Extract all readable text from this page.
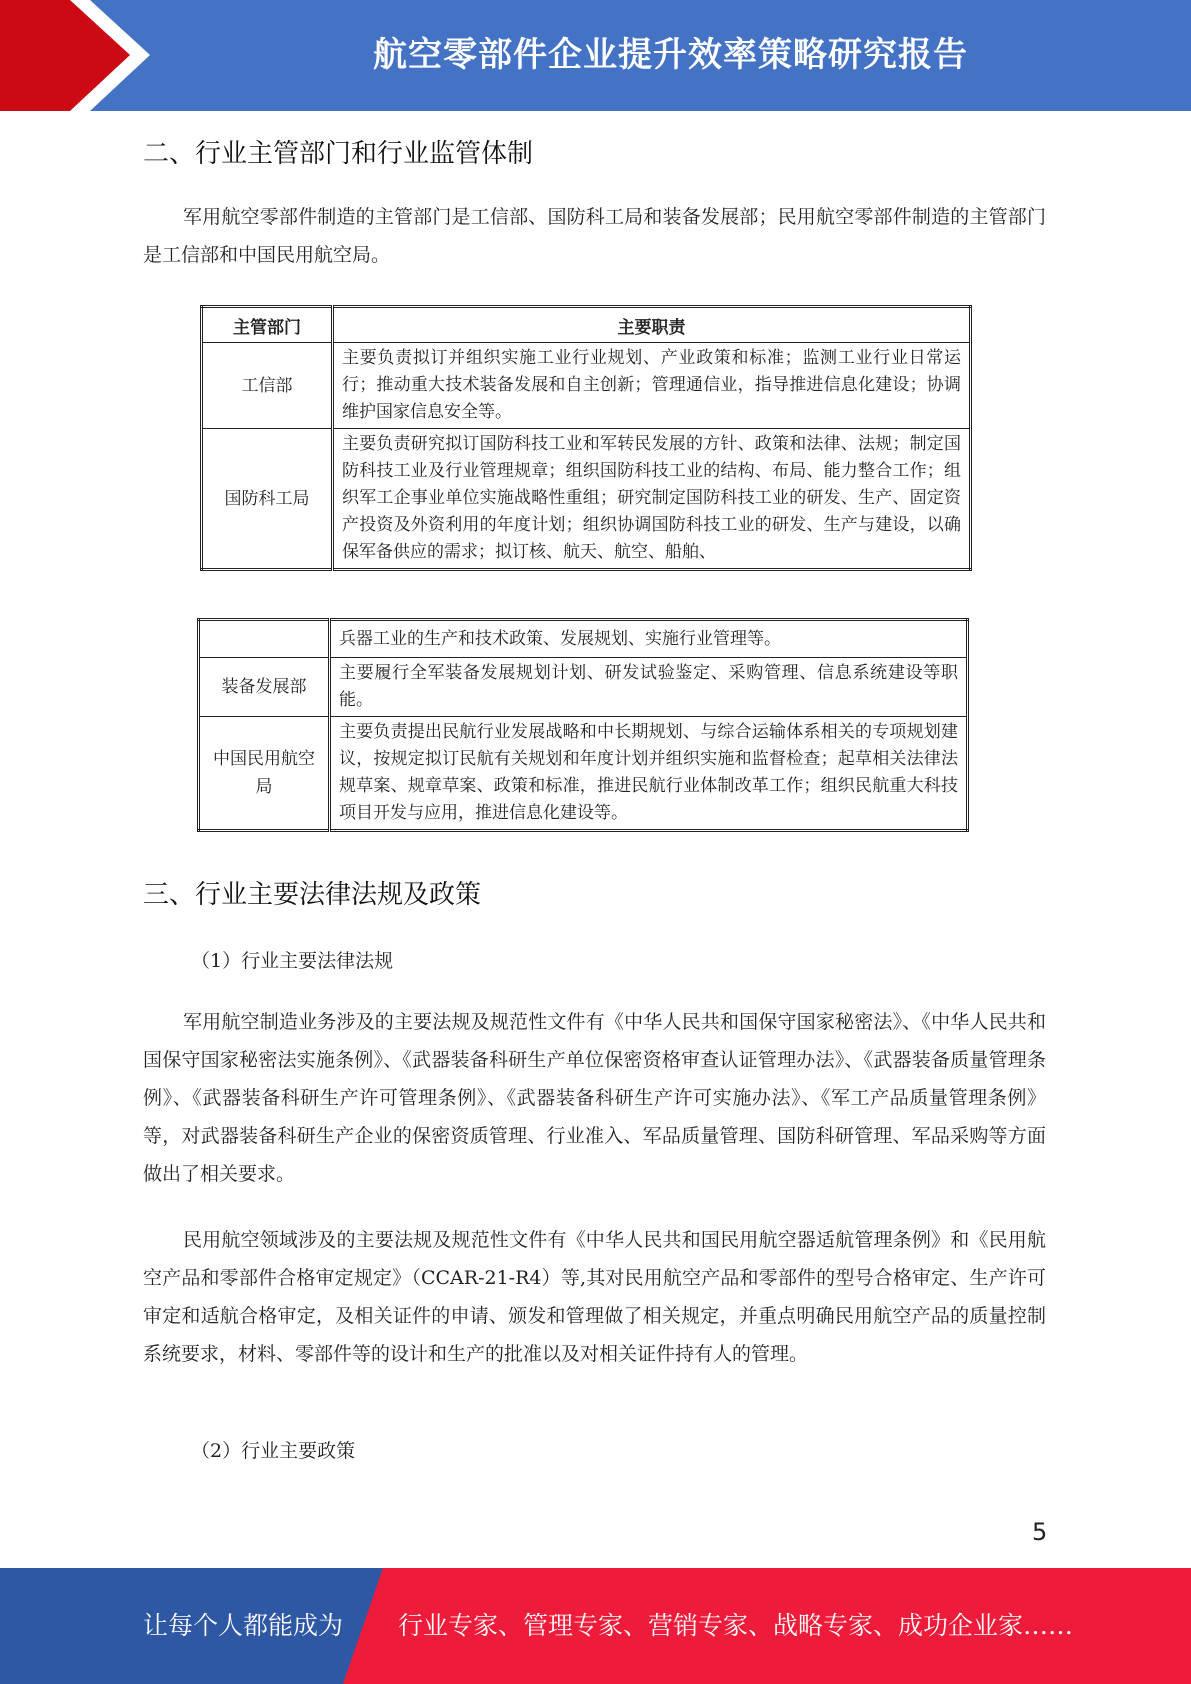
航空零部件企业提升效率策略研究报告
二、行业主管部门和行业监管体制
军用航空零部件制造的主管部门是工信部、国防科工局和装备发展部；民用航空零部件制造的主管部门是工信部和中国民用航空局。
主管部门	主要职责
工信部	主要负责拟订并组织实施工业行业规划、产业政策和标准；监测工业行业日常运行；推动重大技术装备发展和自主创新；管理通信业，指导推进信息化建设；协调维护国家信息安全等。
国防科工局	主要负责研究拟订国防科技工业和军转民发展的方针、政策和法律、法规；制定国防科技工业及行业管理规章；组织国防科技工业的结构、布局、能力整合工作；组织军工企事业单位实施战略性重组；研究制定国防科技工业的研发、生产、固定资产投资及外资利用的年度计划；组织协调国防科技工业的研发、生产与建设，以确保军备供应的需求；拟订核、航天、航空、船舶、
	兵器工业的生产和技术政策、发展规划、实施行业管理等。
装备发展部	主要履行全军装备发展规划计划、研发试验鉴定、采购管理、信息系统建设等职能。
中国民用航空局	主要负责提出民航行业发展战略和中长期规划、与综合运输体系相关的专项规划建议，按规定拟订民航有关规划和年度计划并组织实施和监督检查；起草相关法律法规草案、规章草案、政策和标准，推进民航行业体制改革工作；组织民航重大科技项目开发与应用，推进信息化建设等。
三、行业主要法律法规及政策
（1）行业主要法律法规
军用航空制造业务涉及的主要法规及规范性文件有《中华人民共和国保守国家秘密法》、《中华人民共和国保守国家秘密法实施条例》、《武器装备科研生产单位保密资格审查认证管理办法》、《武器装备质量管理条例》、《武器装备科研生产许可管理条例》、《武器装备科研生产许可实施办法》、《军工产品质量管理条例》等，对武器装备科研生产企业的保密资质管理、行业准入、军品质量管理、国防科研管理、军品采购等方面做出了相关要求。
民用航空领域涉及的主要法规及规范性文件有《中华人民共和国民用航空器适航管理条例》和《民用航空产品和零部件合格审定规定》（CCAR-21-R4）等,其对民用航空产品和零部件的型号合格审定、生产许可审定和适航合格审定，及相关证件的申请、颁发和管理做了相关规定，并重点明确民用航空产品的质量控制系统要求，材料、零部件等的设计和生产的批准以及对相关证件持有人的管理。
（2）行业主要政策
5
让每个人都能成为 行业专家、管理专家、营销专家、战略专家、成功企业家……
